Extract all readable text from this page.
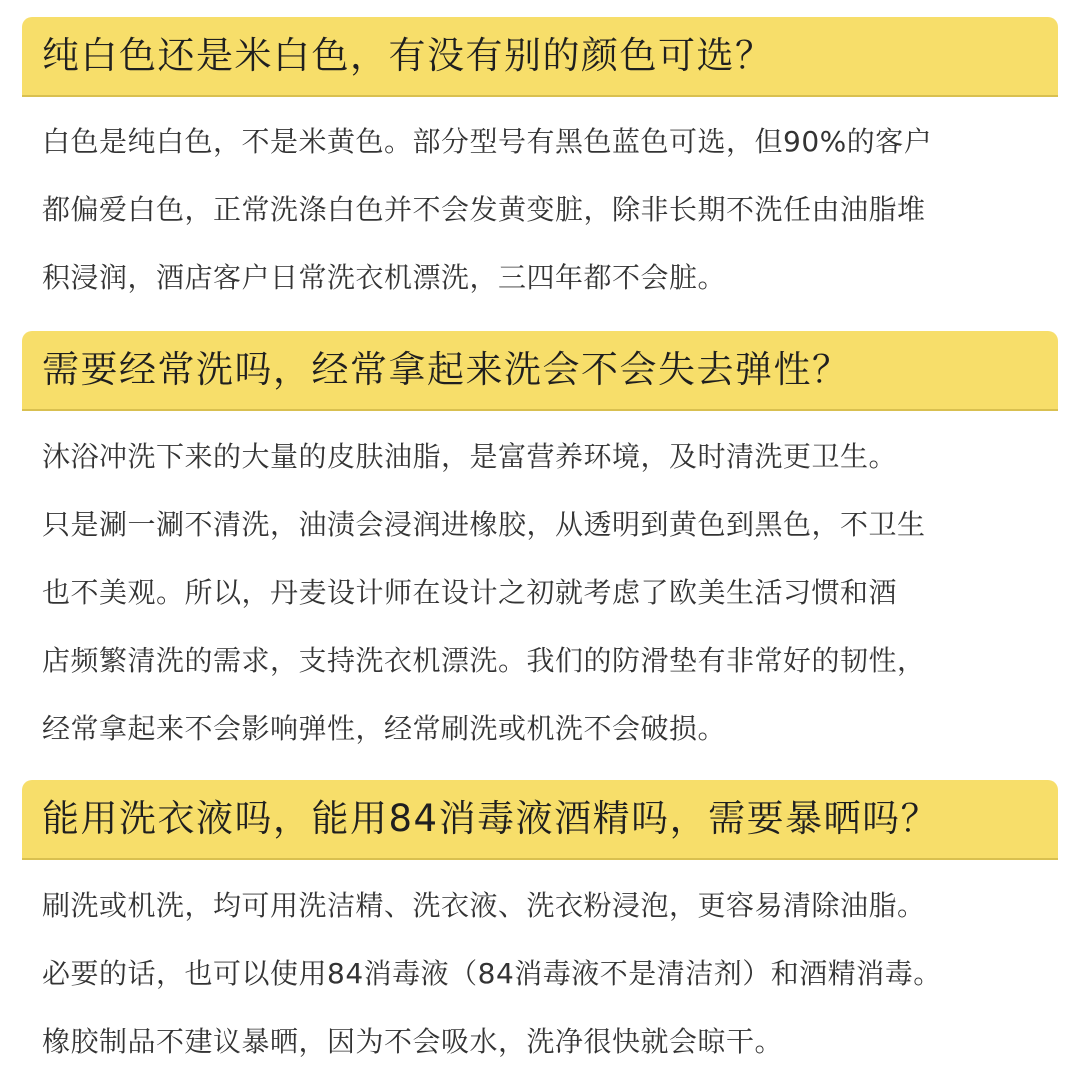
纯白色还是米白色，有没有别的颜色可选？
白色是纯白色，不是米黄色。部分型号有黑色蓝色可选，但90%的客户
都偏爱白色，正常洗涤白色并不会发黄变脏，除非长期不洗任由油脂堆
积浸润，酒店客户日常洗衣机漂洗，三四年都不会脏。
需要经常洗吗，经常拿起来洗会不会失去弹性？
沐浴冲洗下来的大量的皮肤油脂，是富营养环境，及时清洗更卫生。
只是涮一涮不清洗，油渍会浸润进橡胶，从透明到黄色到黑色，不卫生
也不美观。所以，丹麦设计师在设计之初就考虑了欧美生活习惯和酒
店频繁清洗的需求，支持洗衣机漂洗。我们的防滑垫有非常好的韧性，
经常拿起来不会影响弹性，经常刷洗或机洗不会破损。
能用洗衣液吗，能用84消毒液酒精吗，需要暴晒吗？
刷洗或机洗，均可用洗洁精、洗衣液、洗衣粉浸泡，更容易清除油脂。
必要的话，也可以使用84消毒液（84消毒液不是清洁剂）和酒精消毒。
橡胶制品不建议暴晒，因为不会吸水，洗净很快就会晾干。
